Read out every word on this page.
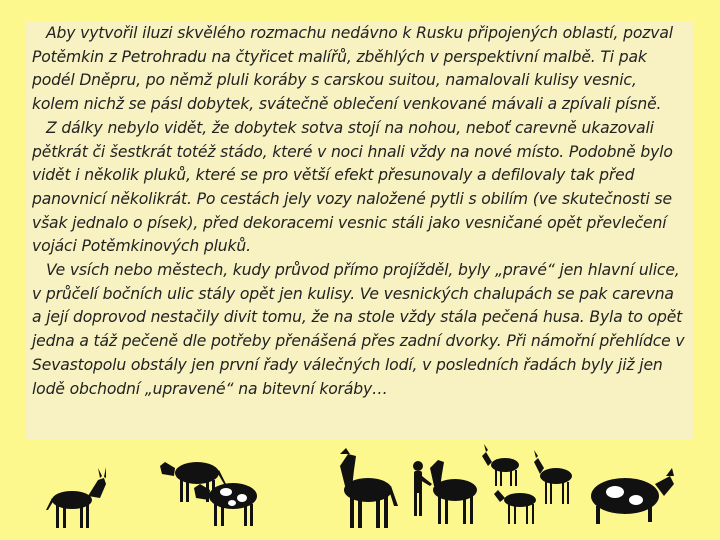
Aby vytvořil iluzi skvělého rozmachu nedávno k Rusku připojených oblastí, pozval Potěmkin z Petrohradu na čtyřicet malířů, zběhlých v perspektivní malbě. Ti pak podél Dněpru, po němž pluli koráby s carskou suitou, namalovali kulisy vesnic, kolem nichž se pásl dobytek, svátečně oblečení venkované mávali a zpívali písně.

Z dálky nebylo vidět, že dobytek sotva stojí na nohou, neboť carevně ukazovali pětkrát či šestkrát totéž stádo, které v noci hnali vždy na nové místo. Podobně bylo vidět i několik pluků, které se pro větší efekt přesunovaly a defilovaly tak před panovnicí několikrát. Po cestách jely vozy naložené pytli s obilím (ve skutečnosti se však jednalo o písek), před dekoracemi vesnic stáli jako vesničané opět převlečení vojáci Potěmkinových pluků.

Ve vsích nebo městech, kudy průvod přímo projížděl, byly „pravé“ jen hlavní ulice, v průčelí bočních ulic stály opět jen kulisy. Ve vesnických chalupách se pak carevna a její doprovod nestačily divit tomu, že na stole vždy stála pečená husa. Byla to opět jedna a táž pečeně dle potřeby přenášená přes zadní dvorky. Při námořní přehlídce v Sevastopolu obstály jen první řady válečných lodí, v posledních řadách byly již jen lodě obchodní „upravené“ na bitevní koráby…
